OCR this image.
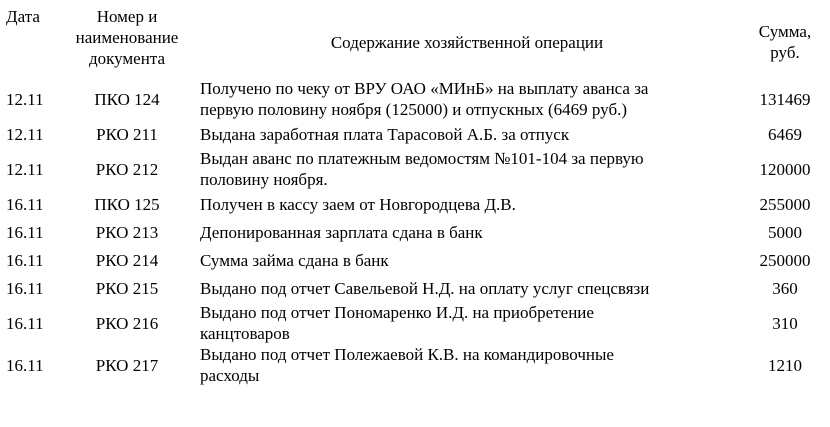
Дата	Номер и
наименование
документа	Содержание хозяйственной операции	Сумма,
руб.
12.11	ПКО 124	Получено по чеку от ВРУ ОАО «МИнБ» на выплату аванса за
первую половину ноября (125000) и отпускных (6469 руб.)	131469
12.11	РКО 211	Выдана заработная плата Тарасовой А.Б. за отпуск	6469
12.11	РКО 212	Выдан аванс по платежным ведомостям №101-104 за первую
половину ноября.	120000
16.11	ПКО 125	Получен в кассу заем от Новгородцева Д.В.	255000
16.11	РКО 213	Депонированная зарплата сдана в банк	5000
16.11	РКО 214	Сумма займа сдана в банк	250000
16.11	РКО 215	Выдано под отчет Савельевой Н.Д. на оплату услуг спецсвязи	360
16.11	РКО 216	Выдано под отчет Пономаренко И.Д. на приобретение
канцтоваров	310
16.11	РКО 217	Выдано под отчет Полежаевой К.В. на командировочные
расходы	1210
